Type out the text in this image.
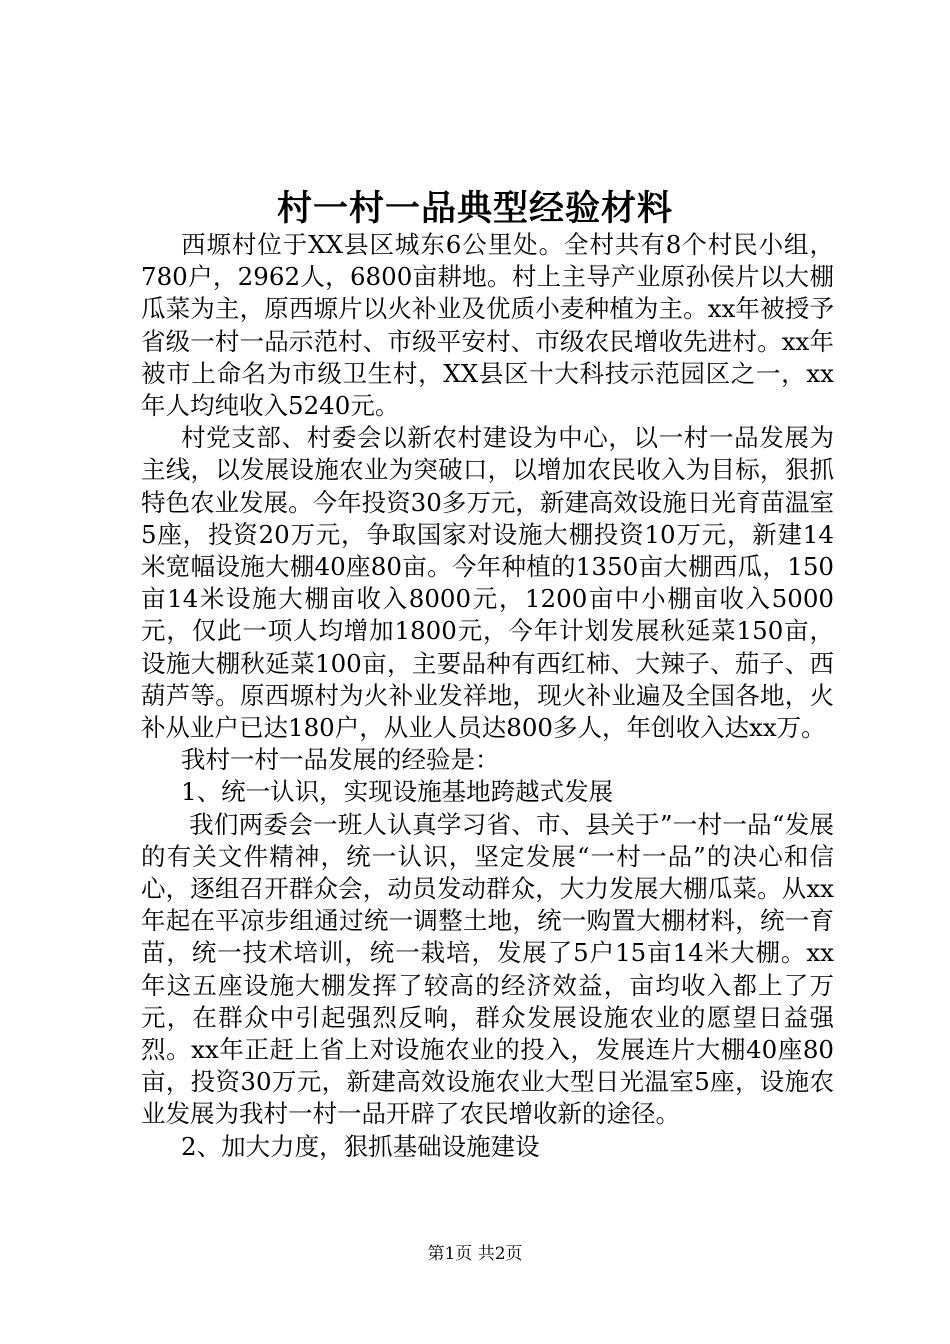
村一村一品典型经验材料

西塬村位于XX县区城东6公里处。全村共有8个村民小组，780户，2962人，6800亩耕地。村上主导产业原孙侯片以大棚瓜菜为主，原西塬片以火补业及优质小麦种植为主。xx年被授予省级一村一品示范村、市级平安村、市级农民增收先进村。xx年被市上命名为市级卫生村，XX县区十大科技示范园区之一，xx年人均纯收入5240元。

村党支部、村委会以新农村建设为中心，以一村一品发展为主线，以发展设施农业为突破口，以增加农民收入为目标，狠抓特色农业发展。今年投资30多万元，新建高效设施日光育苗温室5座，投资20万元，争取国家对设施大棚投资10万元，新建14米宽幅设施大棚40座80亩。今年种植的1350亩大棚西瓜，150亩14米设施大棚亩收入8000元，1200亩中小棚亩收入5000元，仅此一项人均增加1800元，今年计划发展秋延菜150亩，设施大棚秋延菜100亩，主要品种有西红柿、大辣子、茄子、西葫芦等。原西塬村为火补业发祥地，现火补业遍及全国各地，火补从业户已达180户，从业人员达800多人，年创收入达xx万。

我村一村一品发展的经验是：

1、统一认识，实现设施基地跨越式发展

我们两委会一班人认真学习省、市、县关于”一村一品“发展的有关文件精神，统一认识，坚定发展“一村一品”的决心和信心，逐组召开群众会，动员发动群众，大力发展大棚瓜菜。从xx年起在平凉步组通过统一调整土地，统一购置大棚材料，统一育苗，统一技术培训，统一栽培，发展了5户15亩14米大棚。xx年这五座设施大棚发挥了较高的经济效益，亩均收入都上了万元，在群众中引起强烈反响，群众发展设施农业的愿望日益强烈。xx年正赶上省上对设施农业的投入，发展连片大棚40座80亩，投资30万元，新建高效设施农业大型日光温室5座，设施农业发展为我村一村一品开辟了农民增收新的途径。

2、加大力度，狠抓基础设施建设

第1页 共2页
